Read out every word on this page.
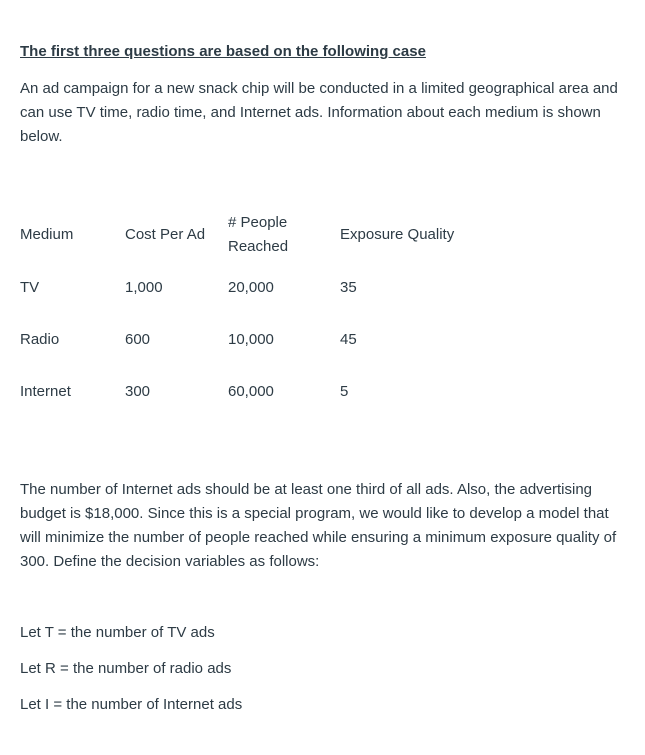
The first three questions are based on the following case

An ad campaign for a new snack chip will be conducted in a limited geographical area and can use TV time, radio time, and Internet ads. Information about each medium is shown below.

Medium	Cost Per Ad	# People Reached	Exposure Quality
TV	1,000	20,000	35
Radio	600	10,000	45
Internet	300	60,000	5

The number of Internet ads should be at least one third of all ads. Also, the advertising budget is $18,000. Since this is a special program, we would like to develop a model that will minimize the number of people reached while ensuring a minimum exposure quality of 300. Define the decision variables as follows:

Let T = the number of TV ads
Let R = the number of radio ads
Let I = the number of Internet ads
